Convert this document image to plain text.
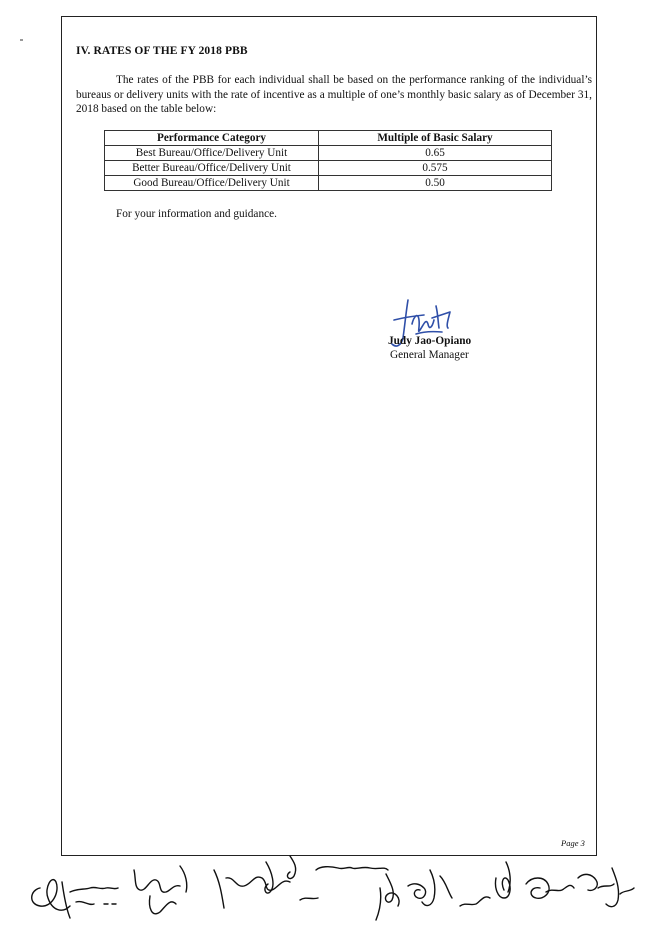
IV. RATES OF THE FY 2018 PBB
The rates of the PBB for each individual shall be based on the performance ranking of the individual’s bureaus or delivery units with the rate of incentive as a multiple of one’s monthly basic salary as of December 31, 2018 based on the table below:
Performance Category	Multiple of Basic Salary
Best Bureau/Office/Delivery Unit	0.65
Better Bureau/Office/Delivery Unit	0.575
Good Bureau/Office/Delivery Unit	0.50
For your information and guidance.
Judy Jao-Opiano
General Manager
Page 3
